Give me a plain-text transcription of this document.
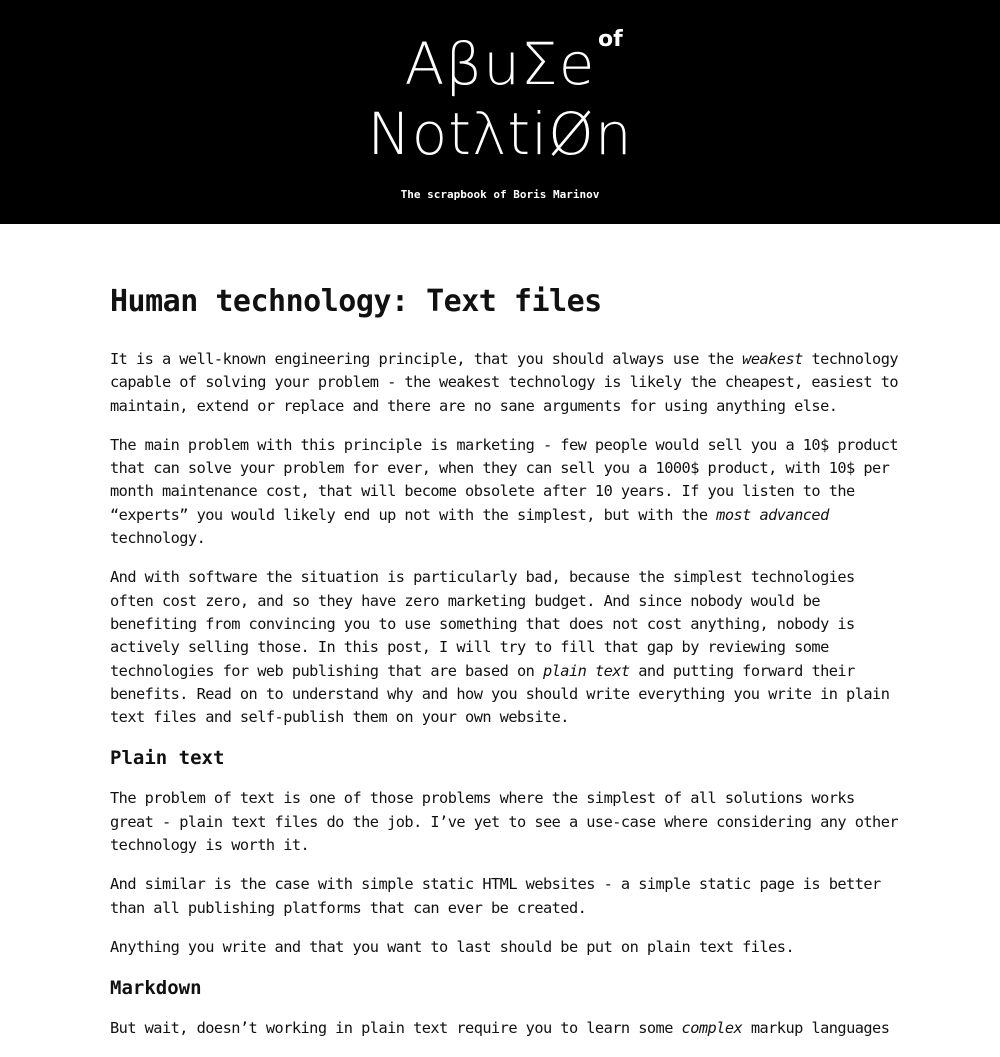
AβuΣe of
NotλtiØn
The scrapbook of Boris Marinov
Human technology: Text files

It is a well-known engineering principle, that you should always use the weakest technology capable of solving your problem - the weakest technology is likely the cheapest, easiest to maintain, extend or replace and there are no sane arguments for using anything else.

The main problem with this principle is marketing - few people would sell you a 10$ product that can solve your problem for ever, when they can sell you a 1000$ product, with 10$ per month maintenance cost, that will become obsolete after 10 years. If you listen to the “experts” you would likely end up not with the simplest, but with the most advanced technology.

And with software the situation is particularly bad, because the simplest technologies often cost zero, and so they have zero marketing budget. And since nobody would be benefiting from convincing you to use something that does not cost anything, nobody is actively selling those. In this post, I will try to fill that gap by reviewing some technologies for web publishing that are based on plain text and putting forward their benefits. Read on to understand why and how you should write everything you write in plain text files and self-publish them on your own website.

Plain text

The problem of text is one of those problems where the simplest of all solutions works great - plain text files do the job. I’ve yet to see a use-case where considering any other technology is worth it.

And similar is the case with simple static HTML websites - a simple static page is better than all publishing platforms that can ever be created.

Anything you write and that you want to last should be put on plain text files.

Markdown

But wait, doesn’t working in plain text require you to learn some complex markup languages
